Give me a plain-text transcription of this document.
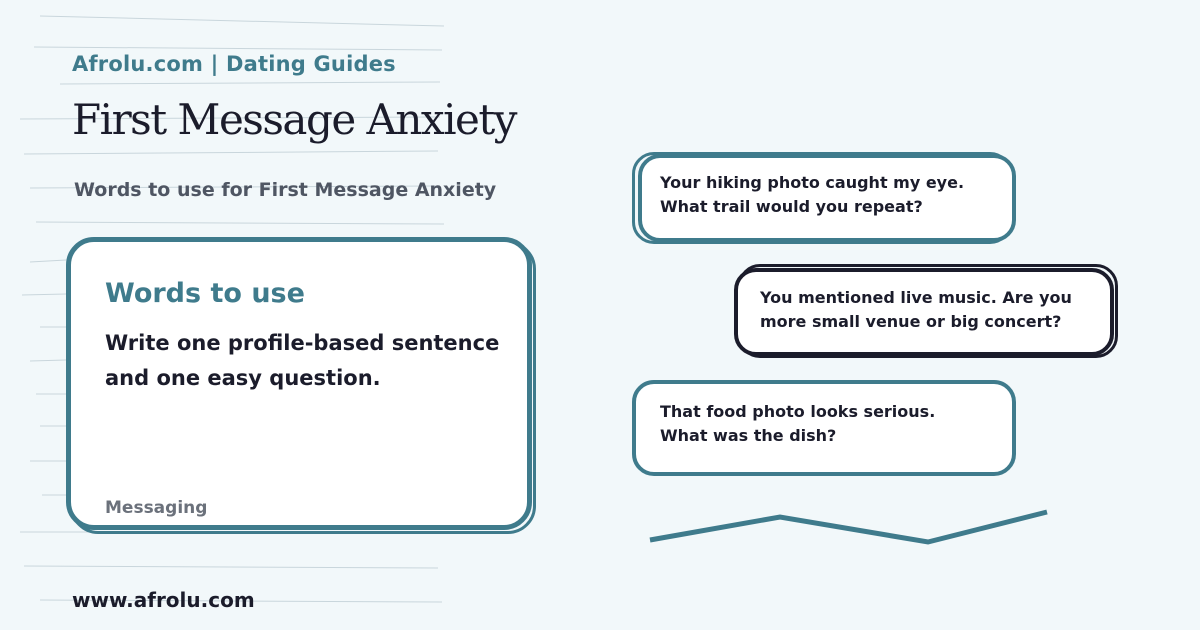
Afrolu.com | Dating Guides
First Message Anxiety
Words to use for First Message Anxiety
Words to use
Write one profile-based sentence and one easy question.
Messaging
Your hiking photo caught my eye. What trail would you repeat?
You mentioned live music. Are you more small venue or big concert?
That food photo looks serious. What was the dish?
www.afrolu.com
